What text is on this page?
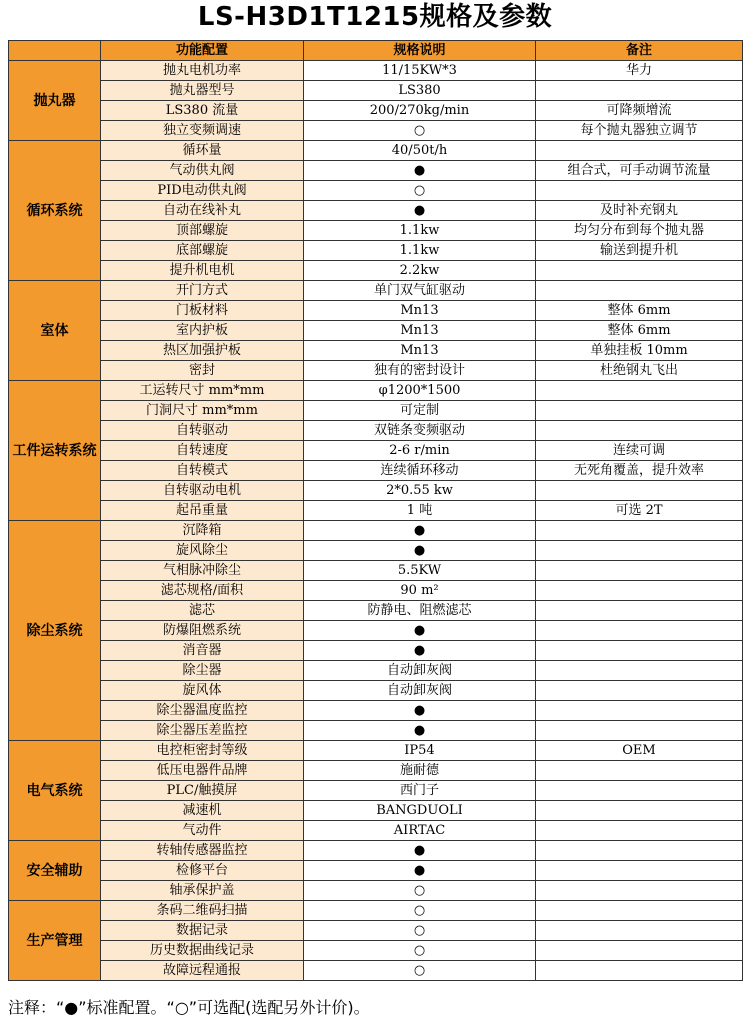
LS-H3D1T1215规格及参数
	功能配置	规格说明	备注
抛丸器	抛丸电机功率	11/15KW*3	华力
	抛丸器型号	LS380	
	LS380 流量	200/270kg/min	可降频增流
	独立变频调速	○	每个抛丸器独立调节
循环系统	循环量	40/50t/h	
	气动供丸阀	●	组合式，可手动调节流量
	PID电动供丸阀	○	
	自动在线补丸	●	及时补充钢丸
	顶部螺旋	1.1kw	均匀分布到每个抛丸器
	底部螺旋	1.1kw	输送到提升机
	提升机电机	2.2kw	
室体	开门方式	单门双气缸驱动	
	门板材料	Mn13	整体 6mm
	室内护板	Mn13	整体 6mm
	热区加强护板	Mn13	单独挂板 10mm
	密封	独有的密封设计	杜绝钢丸飞出
工件运转系统	工运转尺寸 mm*mm	φ1200*1500	
	门洞尺寸 mm*mm	可定制	
	自转驱动	双链条变频驱动	
	自转速度	2-6 r/min	连续可调
	自转模式	连续循环移动	无死角覆盖，提升效率
	自转驱动电机	2*0.55 kw	
	起吊重量	1 吨	可选 2T
除尘系统	沉降箱	●	
	旋风除尘	●	
	气相脉冲除尘	5.5KW	
	滤芯规格/面积	90 m²	
	滤芯	防静电、阻燃滤芯	
	防爆阻燃系统	●	
	消音器	●	
	除尘器	自动卸灰阀	
	旋风体	自动卸灰阀	
	除尘器温度监控	●	
	除尘器压差监控	●	
电气系统	电控柜密封等级	IP54	OEM
	低压电器件品牌	施耐德	
	PLC/触摸屏	西门子	
	减速机	BANGDUOLI	
	气动件	AIRTAC	
安全辅助	转轴传感器监控	●	
	检修平台	●	
	轴承保护盖	○	
生产管理	条码二维码扫描	○	
	数据记录	○	
	历史数据曲线记录	○	
	故障远程通报	○	
注释：“●”标准配置。“○”可选配(选配另外计价)。
